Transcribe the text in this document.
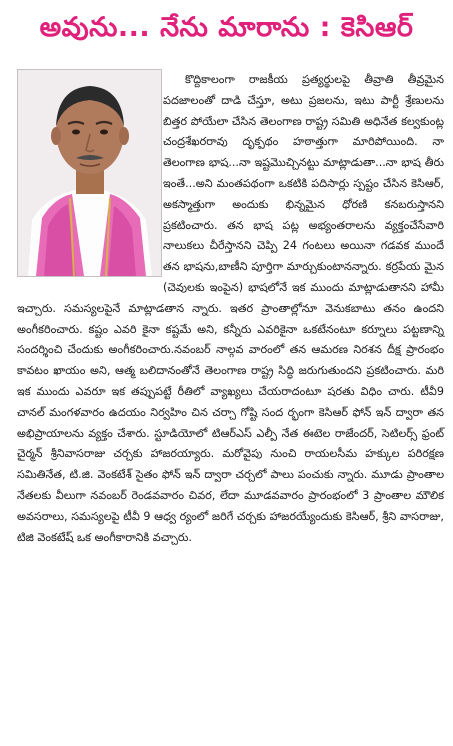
అవును... నేను మారాను : కెసిఆర్

కొద్దికాలంగా రాజకీయ ప్రత్యర్థులపై తీవ్రాతి తీవ్రమైన పదజాలంతో దాడి చేస్తూ, అటు ప్రజలను, ఇటు పార్టీ శ్రేణులను బిత్తర పోయేలా చేసిన తెలంగాణ రాష్ట్ర సమితి అధినేత కల్వకుంట్ల చంద్రశేఖరరావు దృక్పథం హఠాత్తుగా మారిపోయింది. నా తెలంగాణ భాష...నా ఇష్టమొచ్చినట్టు మాట్లాడుతా...నా భాష తీరు ఇంతే...అని మంతపథంగా ఒకటికి పదిసార్లు స్పష్టం చేసిన కెసిఆర్, అకస్మాత్తుగా అందుకు భిన్నమైన ధోరణి కనబరుస్తానని ప్రకటించారు. తన భాష పట్ల అభ్యంతరాలను వ్యక్తంచేసేవారి నాలుకలు చీరేస్తానని చెప్పి 24 గంటలు అయినా గడవక ముందే తన భాషను,బాణీని పూర్తిగా మార్చుకుంటానన్నారు. కర్రపేయ మైన (చెవులకు ఇంపైన) భాషలోనే ఇక ముందు మాట్లాడుతానని హామీ ఇచ్చారు. సమస్యలపైనే మాట్లాడతాన న్నారు. ఇతర ప్రాంతాల్లోనూ వెనుకబాటు తనం ఉందని అంగీకరించారు. కష్టం ఎవరి కైనా కష్టమే అని, కన్నీరు ఎవరికైనా ఒకటేనంటూ కర్నూలు పట్టణాన్ని సందర్శించి చేందుకు అంగీకరించారు.నవంబర్ నాల్గవ వారంలో తన ఆమరణ నిరశన దీక్ష ప్రారంభం కావటం ఖాయం అని, ఆత్మ బలిదానంతోనే తెలంగాణ రాష్ట్ర సిద్ధి జరుగుతుందని ప్రకటించారు. మరి ఇక ముందు ఎవరూ ఇక తప్పుపట్టే రీతిలో వ్యాఖ్యలు చేయరాదంటూ షరతు విధిం చారు. టీవీ9 చానల్ మంగళవారం ఉదయం నిర్వహిం చిన చర్చా గోష్టి సంద ర్భంగా కెసిఆర్ ఫోన్ ఇన్ ద్వారా తన అభిప్రాయాలను వ్యక్తం చేశారు. స్టూడియోలో టిఆర్ఎస్ ఎల్పీ నేత ఈటెల రాజేందర్, సెటిలర్స్ ఫ్రంట్ చైర్మన్ శ్రీనివాసరాజు చర్చకు హాజరయ్యారు. మరోవైపు నుంచి రాయలసీమ హక్కుల పరిరక్షణ సమితినేత, టి.జి. వెంకటేశ్ సైతం ఫోన్ ఇన్ ద్వారా చర్చలో పాలు పంచుకు న్నారు. మూడు ప్రాంతాల నేతలకు వీలుగా నవంబర్ రెండవవారం చివర, లేదా మూడవవారం ప్రారంభంలో 3 ప్రాంతాల మౌలిక అవసరాలు, సమస్యలపై టీవీ 9 ఆధ్వ ర్యంలో జరిగే చర్చకు హాజరయ్యేందుకు కెసిఆర్, శ్రీని వాసరాజు, టిజి వెంకటేష్ ఒక అంగీకారానికి వచ్చారు.
